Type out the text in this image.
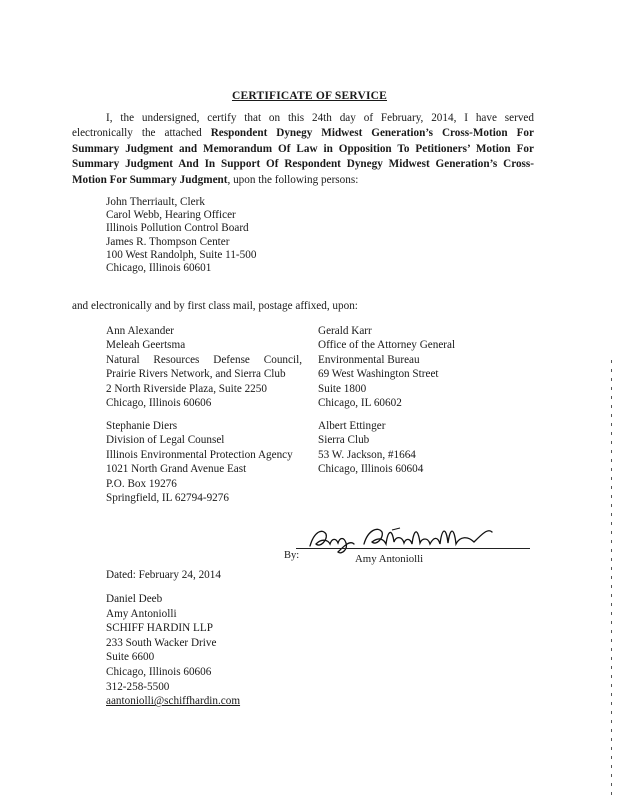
CERTIFICATE OF SERVICE
I, the undersigned, certify that on this 24th day of February, 2014, I have served
electronically the attached Respondent Dynegy Midwest Generation’s Cross-Motion For
Summary Judgment and Memorandum Of Law in Opposition To Petitioners’ Motion For
Summary Judgment And In Support Of Respondent Dynegy Midwest Generation’s Cross-
Motion For Summary Judgment, upon the following persons:
John Therriault, Clerk
Carol Webb, Hearing Officer
Illinois Pollution Control Board
James R. Thompson Center
100 West Randolph, Suite 11-500
Chicago, Illinois 60601
and electronically and by first class mail, postage affixed, upon:
Ann Alexander
Meleah Geertsma
Natural Resources Defense Council,
Prairie Rivers Network, and Sierra Club
2 North Riverside Plaza, Suite 2250
Chicago, Illinois 60606
Gerald Karr
Office of the Attorney General
Environmental Bureau
69 West Washington Street
Suite 1800
Chicago, IL 60602
Stephanie Diers
Division of Legal Counsel
Illinois Environmental Protection Agency
1021 North Grand Avenue East
P.O. Box 19276
Springfield, IL 62794-9276
Albert Ettinger
Sierra Club
53 W. Jackson, #1664
Chicago, Illinois 60604
By:	Amy Antoniolli
Dated: February 24, 2014
Daniel Deeb
Amy Antoniolli
SCHIFF HARDIN LLP
233 South Wacker Drive
Suite 6600
Chicago, Illinois 60606
312-258-5500
aantoniolli@schiffhardin.com
